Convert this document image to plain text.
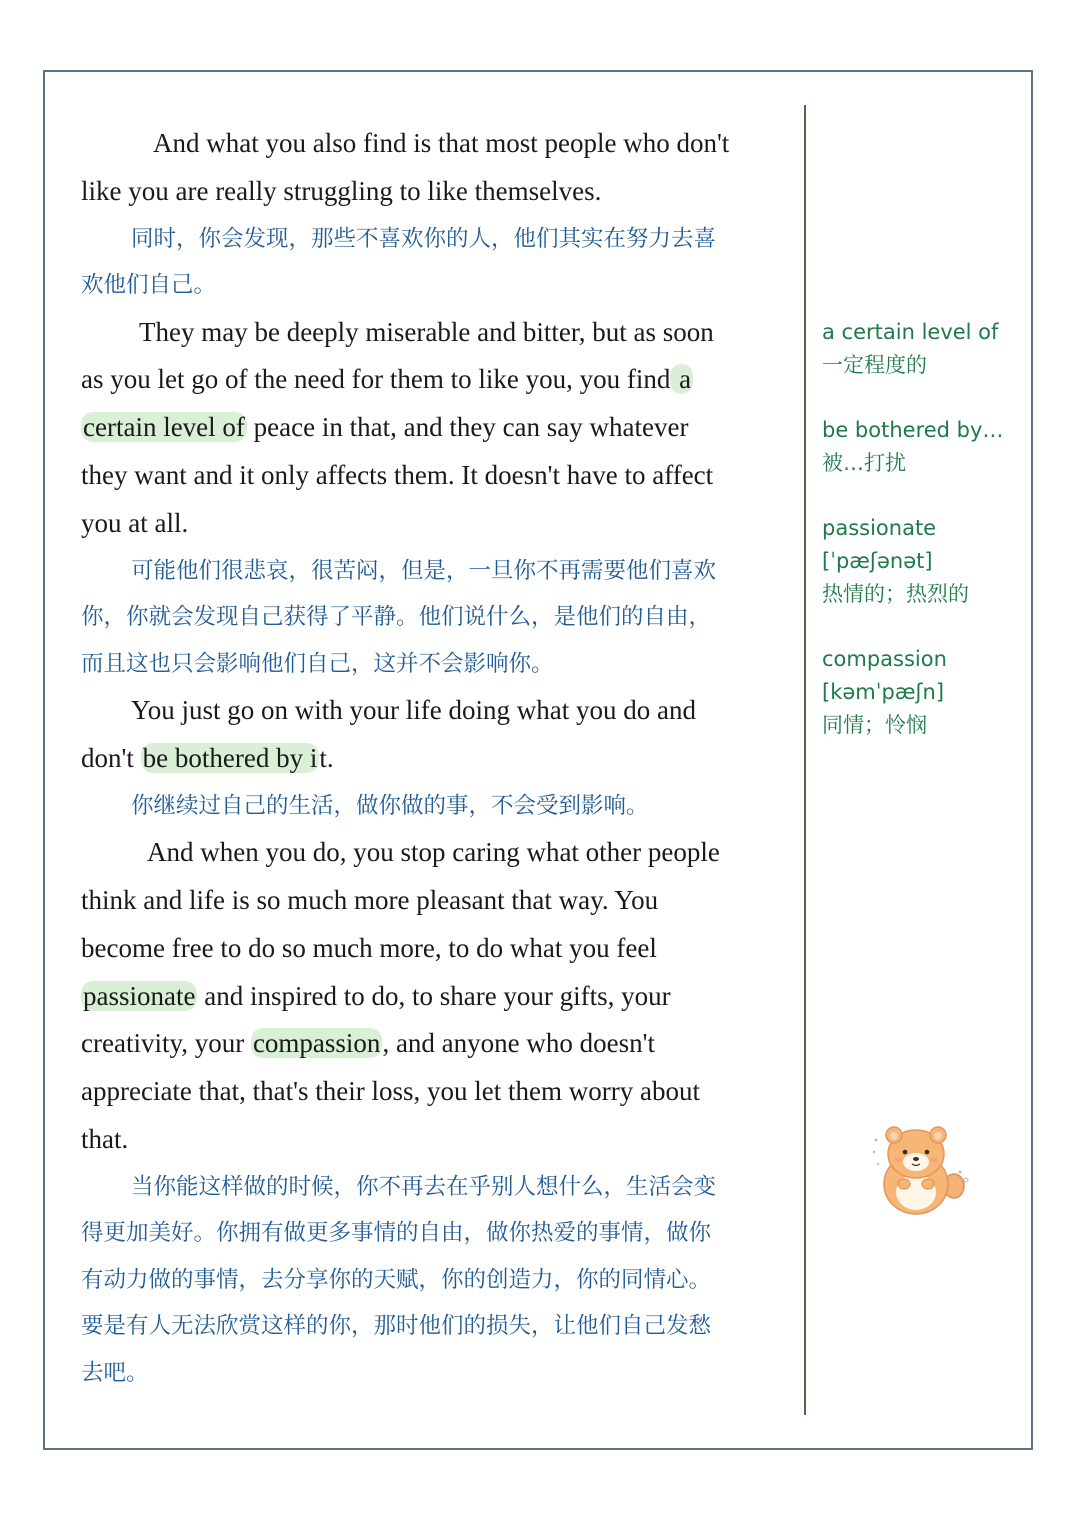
And what you also find is that most people who don't
like you are really struggling to like themselves.

同时，你会发现，那些不喜欢你的人，他们其实在努力去喜
欢他们自己。

They may be deeply miserable and bitter, but as soon
as you let go of the need for them to like you, you find a
certain level of peace in that, and they can say whatever
they want and it only affects them. It doesn't have to affect
you at all.

可能他们很悲哀，很苦闷，但是，一旦你不再需要他们喜欢
你，你就会发现自己获得了平静。他们说什么，是他们的自由，
而且这也只会影响他们自己，这并不会影响你。

You just go on with your life doing what you do and
don't be bothered by it.

你继续过自己的生活，做你做的事，不会受到影响。

And when you do, you stop caring what other people
think and life is so much more pleasant that way. You
become free to do so much more, to do what you feel
passionate and inspired to do, to share your gifts, your
creativity, your compassion, and anyone who doesn't
appreciate that, that's their loss, you let them worry about
that.

当你能这样做的时候，你不再去在乎别人想什么，生活会变
得更加美好。你拥有做更多事情的自由，做你热爱的事情，做你
有动力做的事情，去分享你的天赋，你的创造力，你的同情心。
要是有人无法欣赏这样的你，那时他们的损失，让他们自己发愁
去吧。

a certain level of
一定程度的
be bothered by…
被…打扰
passionate
[ˈpæʃənət]
热情的；热烈的
compassion
[kəmˈpæʃn]
同情；怜悯
